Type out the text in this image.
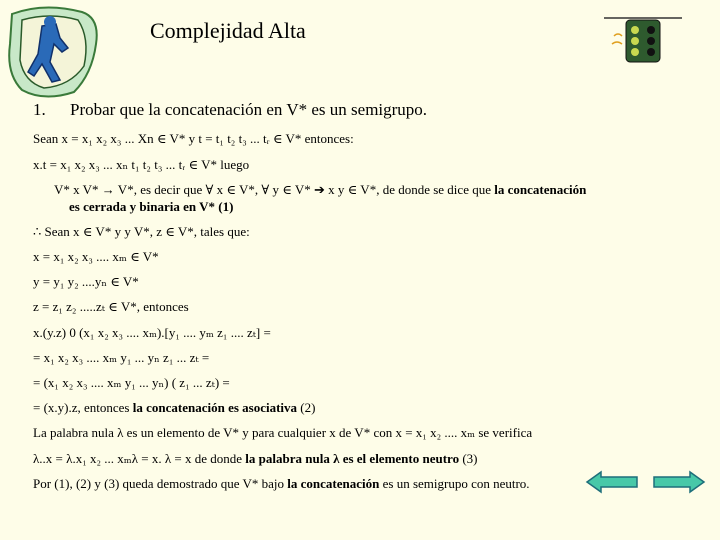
Complejidad Alta
1. Probar que la concatenación en V* es un semigrupo.
Sean x = x₁ x₂ x₃ ... Xn ∈ V* y t = t₁ t₂ t₃ ... tᵣ ∈ V* entonces:
x.t = x₁ x₂ x₃ ... xₙ t₁ t₂ t₃ ... tᵣ ∈ V* luego
V* x V* → V*, es decir que ∀ x ∈ V*, ∀ y ∈ V* ➔ x y ∈ V*, de donde se dice que la concatenación
es cerrada y binaria en V* (1)
∴ Sean x ∈ V* y y V*, z ∈ V*, tales que:
x = x₁ x₂ x₃ .... xₘ ∈ V*
y = y₁ y₂ ....yₙ ∈ V*
z = z₁ z₂ .....zₜ ∈ V*, entonces
x.(y.z) 0 (x₁ x₂ x₃ .... xₘ).[y₁ .... yₘ z₁ .... zₜ] =
= x₁ x₂ x₃ .... xₘ y₁ ... yₙ z₁ ... zₜ =
= (x₁ x₂ x₃ .... xₘ y₁ ... yₙ) ( z₁ ... zₜ) =
= (x.y).z, entonces la concatenación es asociativa (2)
La palabra nula λ es un elemento de V* y para cualquier x de V* con x = x₁ x₂ .... xₘ se verifica
λ..x = λ.x₁ x₂ ... xₘλ = x. λ = x de donde la palabra nula λ es el elemento neutro (3)
Por (1), (2) y (3) queda demostrado que V* bajo la concatenación es un semigrupo con neutro.
